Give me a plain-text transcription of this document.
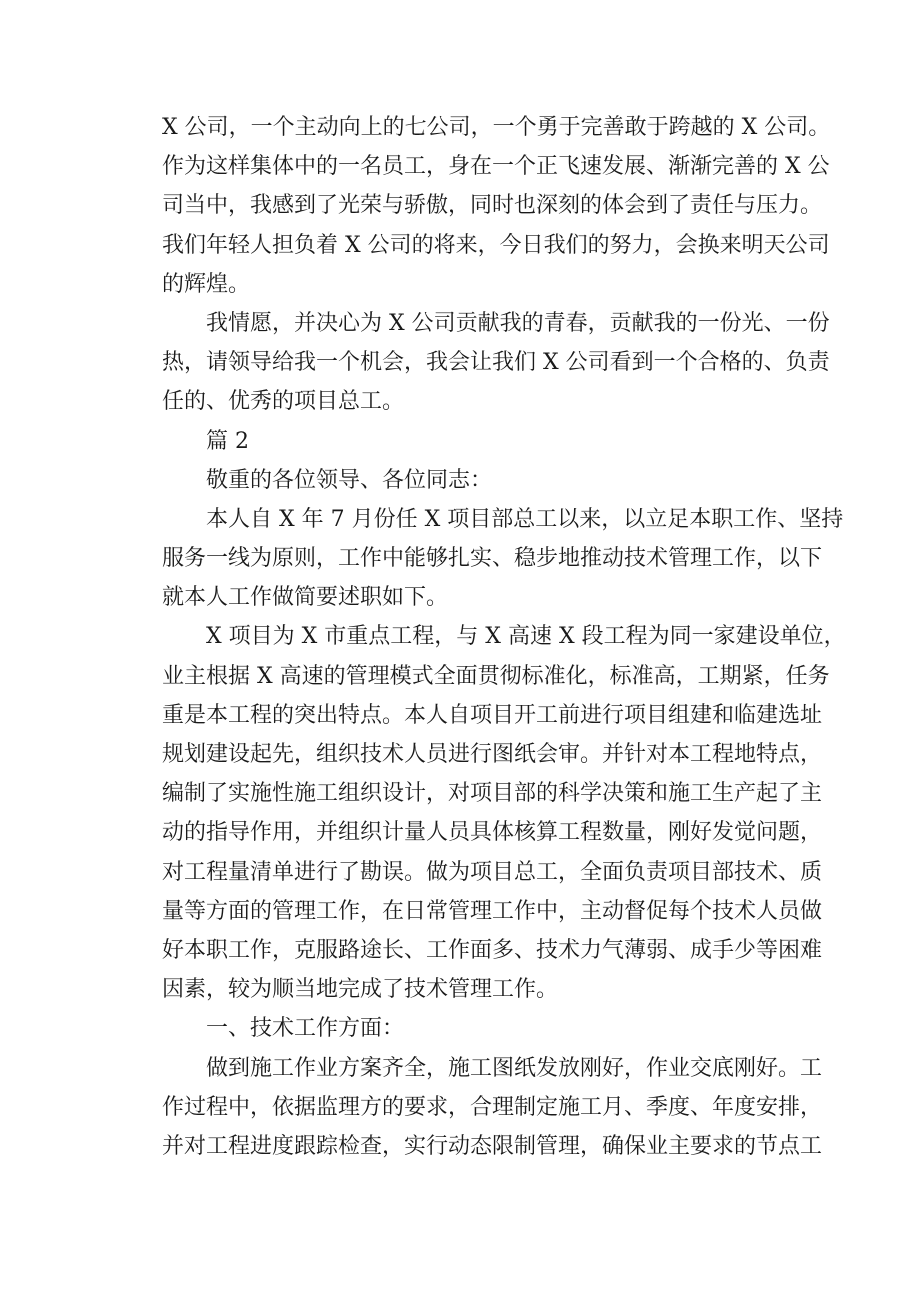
X 公司，一个主动向上的七公司，一个勇于完善敢于跨越的 X 公司。
作为这样集体中的一名员工，身在一个正飞速发展、渐渐完善的 X 公
司当中，我感到了光荣与骄傲，同时也深刻的体会到了责任与压力。
我们年轻人担负着 X 公司的将来，今日我们的努力，会换来明天公司
的辉煌。
　我情愿，并决心为 X 公司贡献我的青春，贡献我的一份光、一份
热，请领导给我一个机会，我会让我们 X 公司看到一个合格的、负责
任的、优秀的项目总工。
　篇 2
　敬重的各位领导、各位同志：
　本人自 X 年 7 月份任 X 项目部总工以来，以立足本职工作、坚持
服务一线为原则，工作中能够扎实、稳步地推动技术管理工作，以下
就本人工作做简要述职如下。
　X 项目为 X 市重点工程，与 X 高速 X 段工程为同一家建设单位，
业主根据 X 高速的管理模式全面贯彻标准化，标准高，工期紧，任务
重是本工程的突出特点。本人自项目开工前进行项目组建和临建选址
规划建设起先，组织技术人员进行图纸会审。并针对本工程地特点，
编制了实施性施工组织设计，对项目部的科学决策和施工生产起了主
动的指导作用，并组织计量人员具体核算工程数量，刚好发觉问题，
对工程量清单进行了勘误。做为项目总工，全面负责项目部技术、质
量等方面的管理工作，在日常管理工作中，主动督促每个技术人员做
好本职工作，克服路途长、工作面多、技术力气薄弱、成手少等困难
因素，较为顺当地完成了技术管理工作。
　一、技术工作方面：
　做到施工作业方案齐全，施工图纸发放刚好，作业交底刚好。工
作过程中，依据监理方的要求，合理制定施工月、季度、年度安排，
并对工程进度跟踪检查，实行动态限制管理，确保业主要求的节点工
